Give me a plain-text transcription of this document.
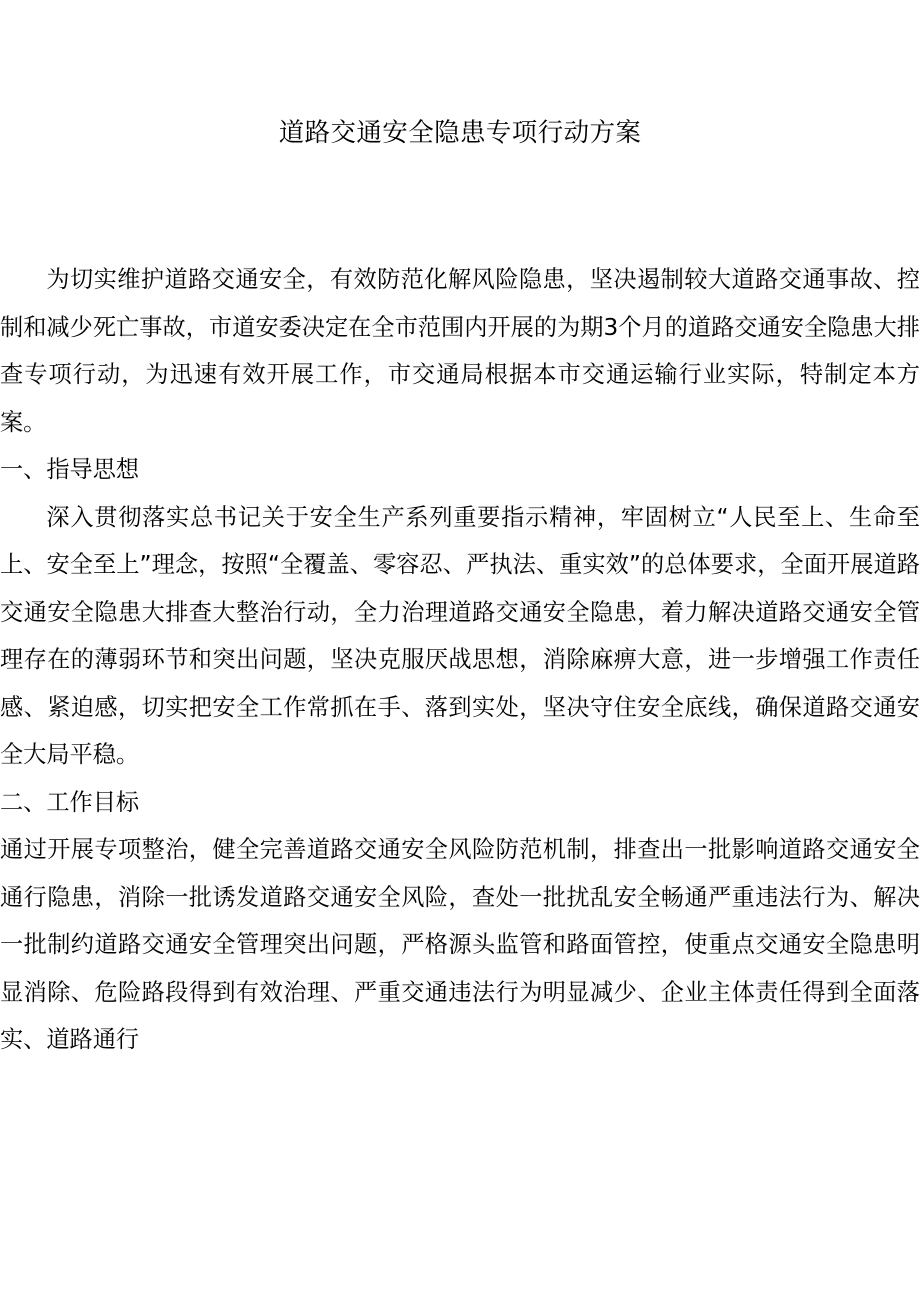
道路交通安全隐患专项行动方案

为切实维护道路交通安全，有效防范化解风险隐患，坚决遏制较大道路交通事故、控制和减少死亡事故，市道安委决定在全市范围内开展的为期3个月的道路交通安全隐患大排查专项行动，为迅速有效开展工作，市交通局根据本市交通运输行业实际，特制定本方案。

一、指导思想

深入贯彻落实总书记关于安全生产系列重要指示精神，牢固树立“人民至上、生命至上、安全至上”理念，按照“全覆盖、零容忍、严执法、重实效”的总体要求，全面开展道路交通安全隐患大排查大整治行动，全力治理道路交通安全隐患，着力解决道路交通安全管理存在的薄弱环节和突出问题，坚决克服厌战思想，消除麻痹大意，进一步增强工作责任感、紧迫感，切实把安全工作常抓在手、落到实处，坚决守住安全底线，确保道路交通安全大局平稳。

二、工作目标

通过开展专项整治，健全完善道路交通安全风险防范机制，排查出一批影响道路交通安全通行隐患，消除一批诱发道路交通安全风险，查处一批扰乱安全畅通严重违法行为、解决一批制约道路交通安全管理突出问题，严格源头监管和路面管控，使重点交通安全隐患明显消除、危险路段得到有效治理、严重交通违法行为明显减少、企业主体责任得到全面落实、道路通行
